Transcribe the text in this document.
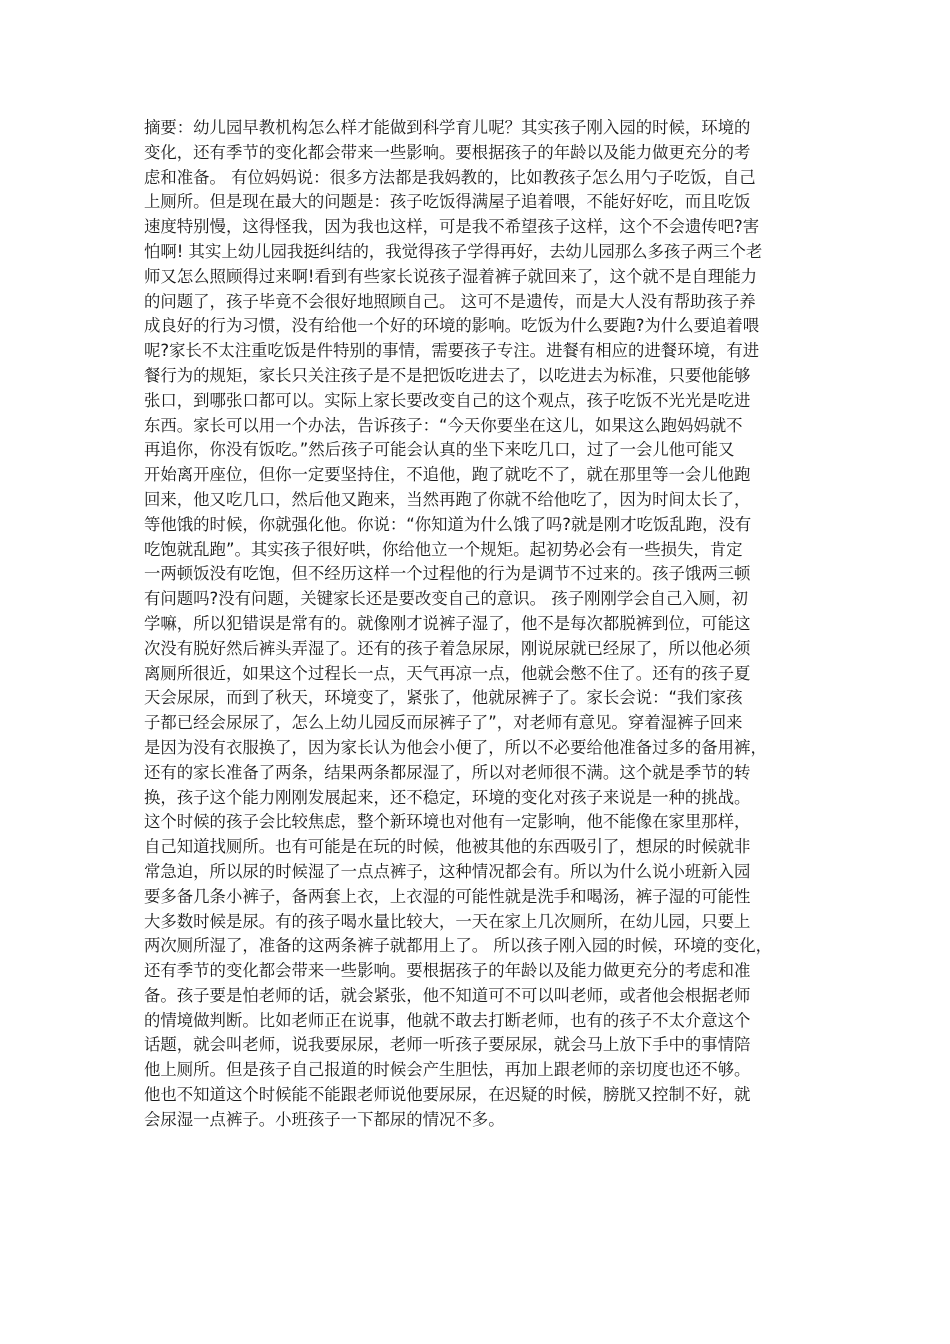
摘要：幼儿园早教机构怎么样才能做到科学育儿呢？其实孩子刚入园的时候，环境的
变化，还有季节的变化都会带来一些影响。要根据孩子的年龄以及能力做更充分的考
虑和准备。 有位妈妈说：很多方法都是我妈教的，比如教孩子怎么用勺子吃饭，自己
上厕所。但是现在最大的问题是：孩子吃饭得满屋子追着喂，不能好好吃，而且吃饭
速度特别慢，这得怪我，因为我也这样，可是我不希望孩子这样，这个不会遗传吧?害
怕啊! 其实上幼儿园我挺纠结的，我觉得孩子学得再好，去幼儿园那么多孩子两三个老
师又怎么照顾得过来啊!看到有些家长说孩子湿着裤子就回来了，这个就不是自理能力
的问题了，孩子毕竟不会很好地照顾自己。 这可不是遗传，而是大人没有帮助孩子养
成良好的行为习惯，没有给他一个好的环境的影响。吃饭为什么要跑?为什么要追着喂
呢?家长不太注重吃饭是件特别的事情，需要孩子专注。进餐有相应的进餐环境，有进
餐行为的规矩，家长只关注孩子是不是把饭吃进去了，以吃进去为标准，只要他能够
张口，到哪张口都可以。实际上家长要改变自己的这个观点，孩子吃饭不光光是吃进
东西。家长可以用一个办法，告诉孩子：“今天你要坐在这儿，如果这么跑妈妈就不
再追你，你没有饭吃。”然后孩子可能会认真的坐下来吃几口，过了一会儿他可能又
开始离开座位，但你一定要坚持住，不追他，跑了就吃不了，就在那里等一会儿他跑
回来，他又吃几口，然后他又跑来，当然再跑了你就不给他吃了，因为时间太长了，
等他饿的时候，你就强化他。你说：“你知道为什么饿了吗?就是刚才吃饭乱跑，没有
吃饱就乱跑”。其实孩子很好哄，你给他立一个规矩。起初势必会有一些损失，肯定
一两顿饭没有吃饱，但不经历这样一个过程他的行为是调节不过来的。孩子饿两三顿
有问题吗?没有问题，关键家长还是要改变自己的意识。 孩子刚刚学会自己入厕，初
学嘛，所以犯错误是常有的。就像刚才说裤子湿了，他不是每次都脱裤到位，可能这
次没有脱好然后裤头弄湿了。还有的孩子着急尿尿，刚说尿就已经尿了，所以他必须
离厕所很近，如果这个过程长一点，天气再凉一点，他就会憋不住了。还有的孩子夏
天会尿尿，而到了秋天，环境变了，紧张了，他就尿裤子了。家长会说：“我们家孩
子都已经会尿尿了，怎么上幼儿园反而尿裤子了”，对老师有意见。穿着湿裤子回来
是因为没有衣服换了，因为家长认为他会小便了，所以不必要给他准备过多的备用裤，
还有的家长准备了两条，结果两条都尿湿了，所以对老师很不满。这个就是季节的转
换，孩子这个能力刚刚发展起来，还不稳定，环境的变化对孩子来说是一种的挑战。
这个时候的孩子会比较焦虑，整个新环境也对他有一定影响，他不能像在家里那样，
自己知道找厕所。也有可能是在玩的时候，他被其他的东西吸引了，想尿的时候就非
常急迫，所以尿的时候湿了一点点裤子，这种情况都会有。所以为什么说小班新入园
要多备几条小裤子，备两套上衣，上衣湿的可能性就是洗手和喝汤，裤子湿的可能性
大多数时候是尿。有的孩子喝水量比较大，一天在家上几次厕所，在幼儿园，只要上
两次厕所湿了，准备的这两条裤子就都用上了。 所以孩子刚入园的时候，环境的变化，
还有季节的变化都会带来一些影响。要根据孩子的年龄以及能力做更充分的考虑和准
备。孩子要是怕老师的话，就会紧张，他不知道可不可以叫老师，或者他会根据老师
的情境做判断。比如老师正在说事，他就不敢去打断老师，也有的孩子不太介意这个
话题，就会叫老师，说我要尿尿，老师一听孩子要尿尿，就会马上放下手中的事情陪
他上厕所。但是孩子自己报道的时候会产生胆怯，再加上跟老师的亲切度也还不够。
他也不知道这个时候能不能跟老师说他要尿尿，在迟疑的时候，膀胱又控制不好，就
会尿湿一点裤子。小班孩子一下都尿的情况不多。
